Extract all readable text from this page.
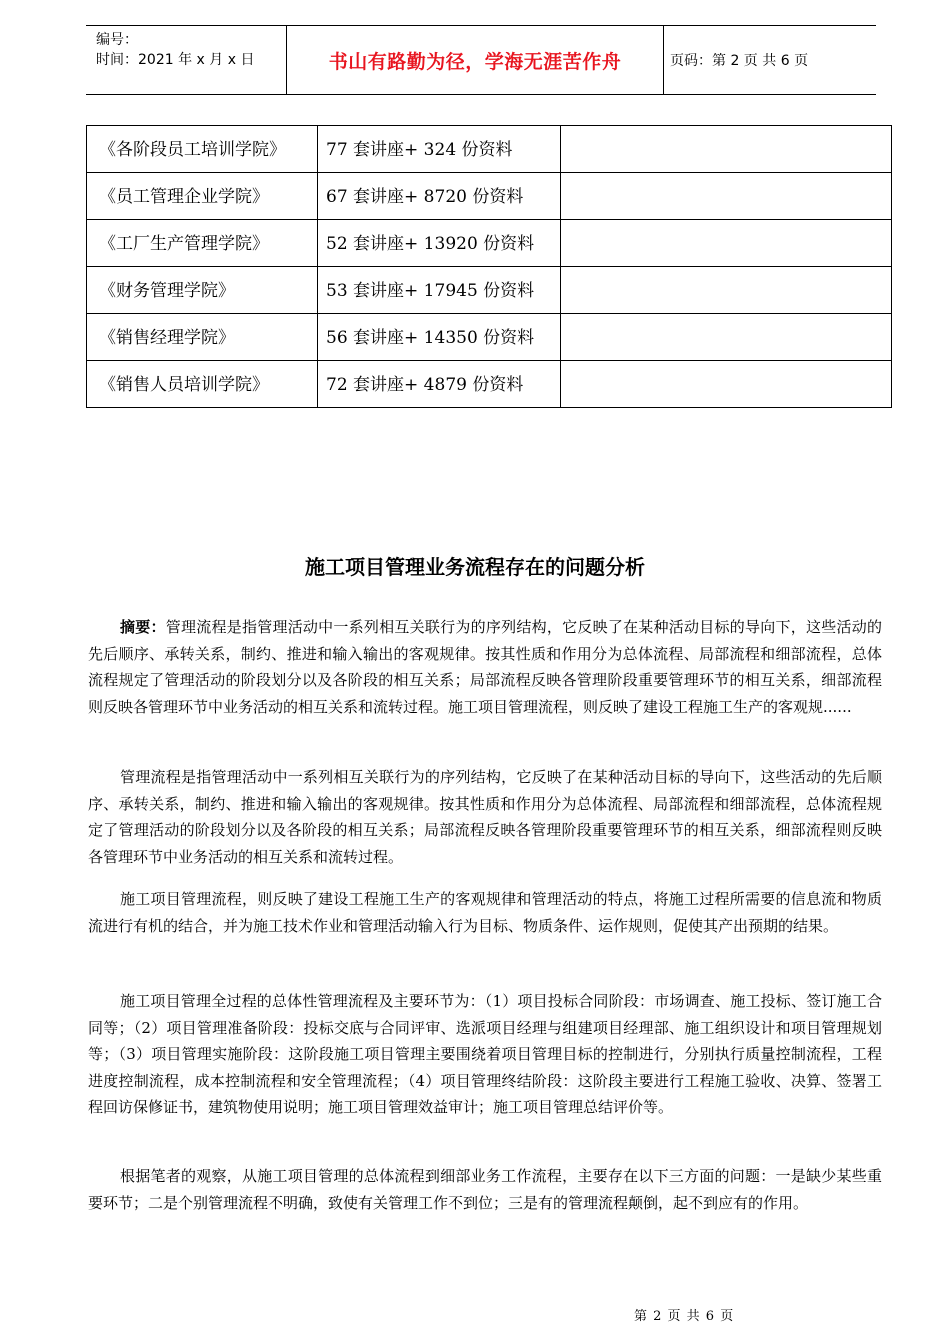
编号：
时间：2021 年 x 月 x 日	书山有路勤为径，学海无涯苦作舟	页码：第 2 页 共 6 页
《各阶段员工培训学院》	77 套讲座+ 324 份资料	
《员工管理企业学院》	67 套讲座+ 8720 份资料	
《工厂生产管理学院》	52 套讲座+ 13920 份资料	
《财务管理学院》	53 套讲座+ 17945 份资料	
《销售经理学院》	56 套讲座+ 14350 份资料	
《销售人员培训学院》	72 套讲座+ 4879 份资料	
施工项目管理业务流程存在的问题分析

摘要：管理流程是指管理活动中一系列相互关联行为的序列结构，它反映了在某种活动目标的导向下，这些活动的先后顺序、承转关系，制约、推进和输入输出的客观规律。按其性质和作用分为总体流程、局部流程和细部流程，总体流程规定了管理活动的阶段划分以及各阶段的相互关系；局部流程反映各管理阶段重要管理环节的相互关系，细部流程则反映各管理环节中业务活动的相互关系和流转过程。施工项目管理流程，则反映了建设工程施工生产的客观规......

管理流程是指管理活动中一系列相互关联行为的序列结构，它反映了在某种活动目标的导向下，这些活动的先后顺序、承转关系，制约、推进和输入输出的客观规律。按其性质和作用分为总体流程、局部流程和细部流程，总体流程规定了管理活动的阶段划分以及各阶段的相互关系；局部流程反映各管理阶段重要管理环节的相互关系，细部流程则反映各管理环节中业务活动的相互关系和流转过程。

施工项目管理流程，则反映了建设工程施工生产的客观规律和管理活动的特点，将施工过程所需要的信息流和物质流进行有机的结合，并为施工技术作业和管理活动输入行为目标、物质条件、运作规则，促使其产出预期的结果。

施工项目管理全过程的总体性管理流程及主要环节为：（1）项目投标合同阶段：市场调查、施工投标、签订施工合同等；（2）项目管理准备阶段：投标交底与合同评审、选派项目经理与组建项目经理部、施工组织设计和项目管理规划等；（3）项目管理实施阶段：这阶段施工项目管理主要围绕着项目管理目标的控制进行，分别执行质量控制流程，工程进度控制流程，成本控制流程和安全管理流程；（4）项目管理终结阶段：这阶段主要进行工程施工验收、决算、签署工程回访保修证书，建筑物使用说明；施工项目管理效益审计；施工项目管理总结评价等。

根据笔者的观察，从施工项目管理的总体流程到细部业务工作流程，主要存在以下三方面的问题：一是缺少某些重要环节；二是个别管理流程不明确，致使有关管理工作不到位；三是有的管理流程颠倒，起不到应有的作用。

第 2 页 共 6 页
